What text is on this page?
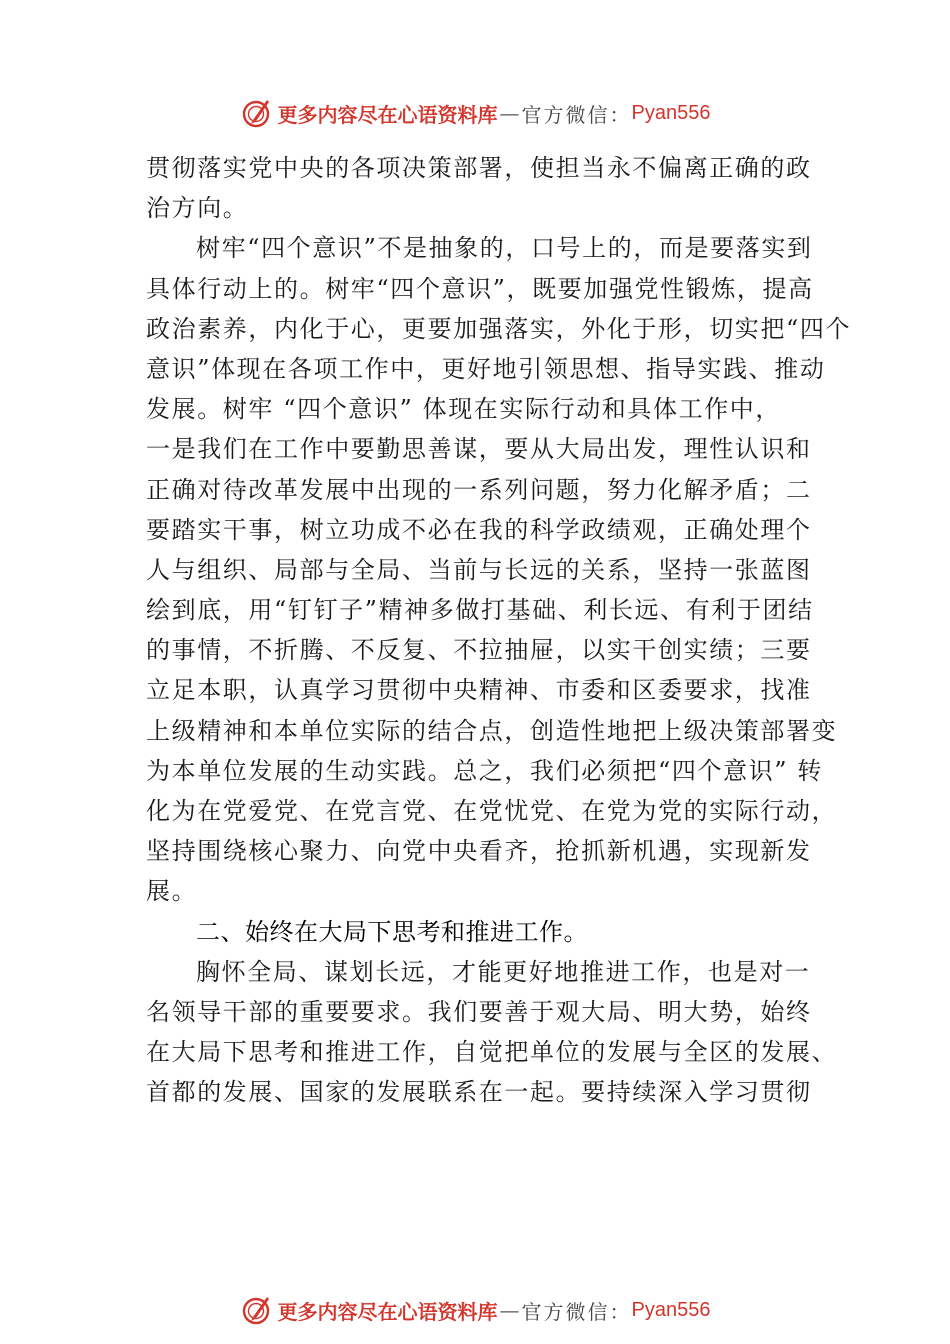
更多内容尽在心语资料库 — 官方微信： Pyan556
贯彻落实党中央的各项决策部署，使担当永不偏离正确的政
治方向。
树牢“四个意识”不是抽象的，口号上的，而是要落实到
具体行动上的。树牢“四个意识”，既要加强党性锻炼，提高
政治素养，内化于心，更要加强落实，外化于形，切实把“四个
意识”体现在各项工作中，更好地引领思想、指导实践、推动
发展。树牢 “四个意识” 体现在实际行动和具体工作中，
一是我们在工作中要勤思善谋，要从大局出发，理性认识和
正确对待改革发展中出现的一系列问题，努力化解矛盾；二
要踏实干事，树立功成不必在我的科学政绩观，正确处理个
人与组织、局部与全局、当前与长远的关系，坚持一张蓝图
绘到底，用“钉钉子”精神多做打基础、利长远、有利于团结
的事情，不折腾、不反复、不拉抽屉，以实干创实绩；三要
立足本职，认真学习贯彻中央精神、市委和区委要求，找准
上级精神和本单位实际的结合点，创造性地把上级决策部署变
为本单位发展的生动实践。总之，我们必须把“四个意识” 转
化为在党爱党、在党言党、在党忧党、在党为党的实际行动，
坚持围绕核心聚力、向党中央看齐，抢抓新机遇，实现新发
展。
二、始终在大局下思考和推进工作。
胸怀全局、谋划长远，才能更好地推进工作，也是对一
名领导干部的重要要求。我们要善于观大局、明大势，始终
在大局下思考和推进工作，自觉把单位的发展与全区的发展、
首都的发展、国家的发展联系在一起。要持续深入学习贯彻
更多内容尽在心语资料库 — 官方微信： Pyan556
